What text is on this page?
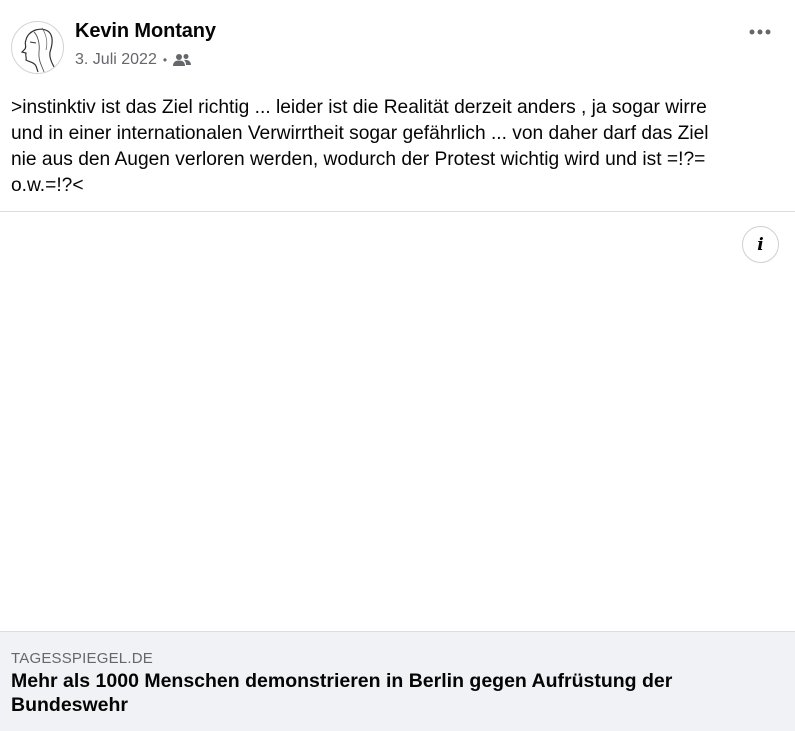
Kevin Montany
3. Juli 2022 •
>instinktiv ist das Ziel richtig ... leider ist die Realität derzeit anders , ja sogar wirre
und in einer internationalen Verwirrtheit sogar gefährlich ... von daher darf das Ziel
nie aus den Augen verloren werden, wodurch der Protest wichtig wird und ist =!?=
o.w.=!?<
i
TAGESSPIEGEL.DE
Mehr als 1000 Menschen demonstrieren in Berlin gegen Aufrüstung der Bundeswehr
